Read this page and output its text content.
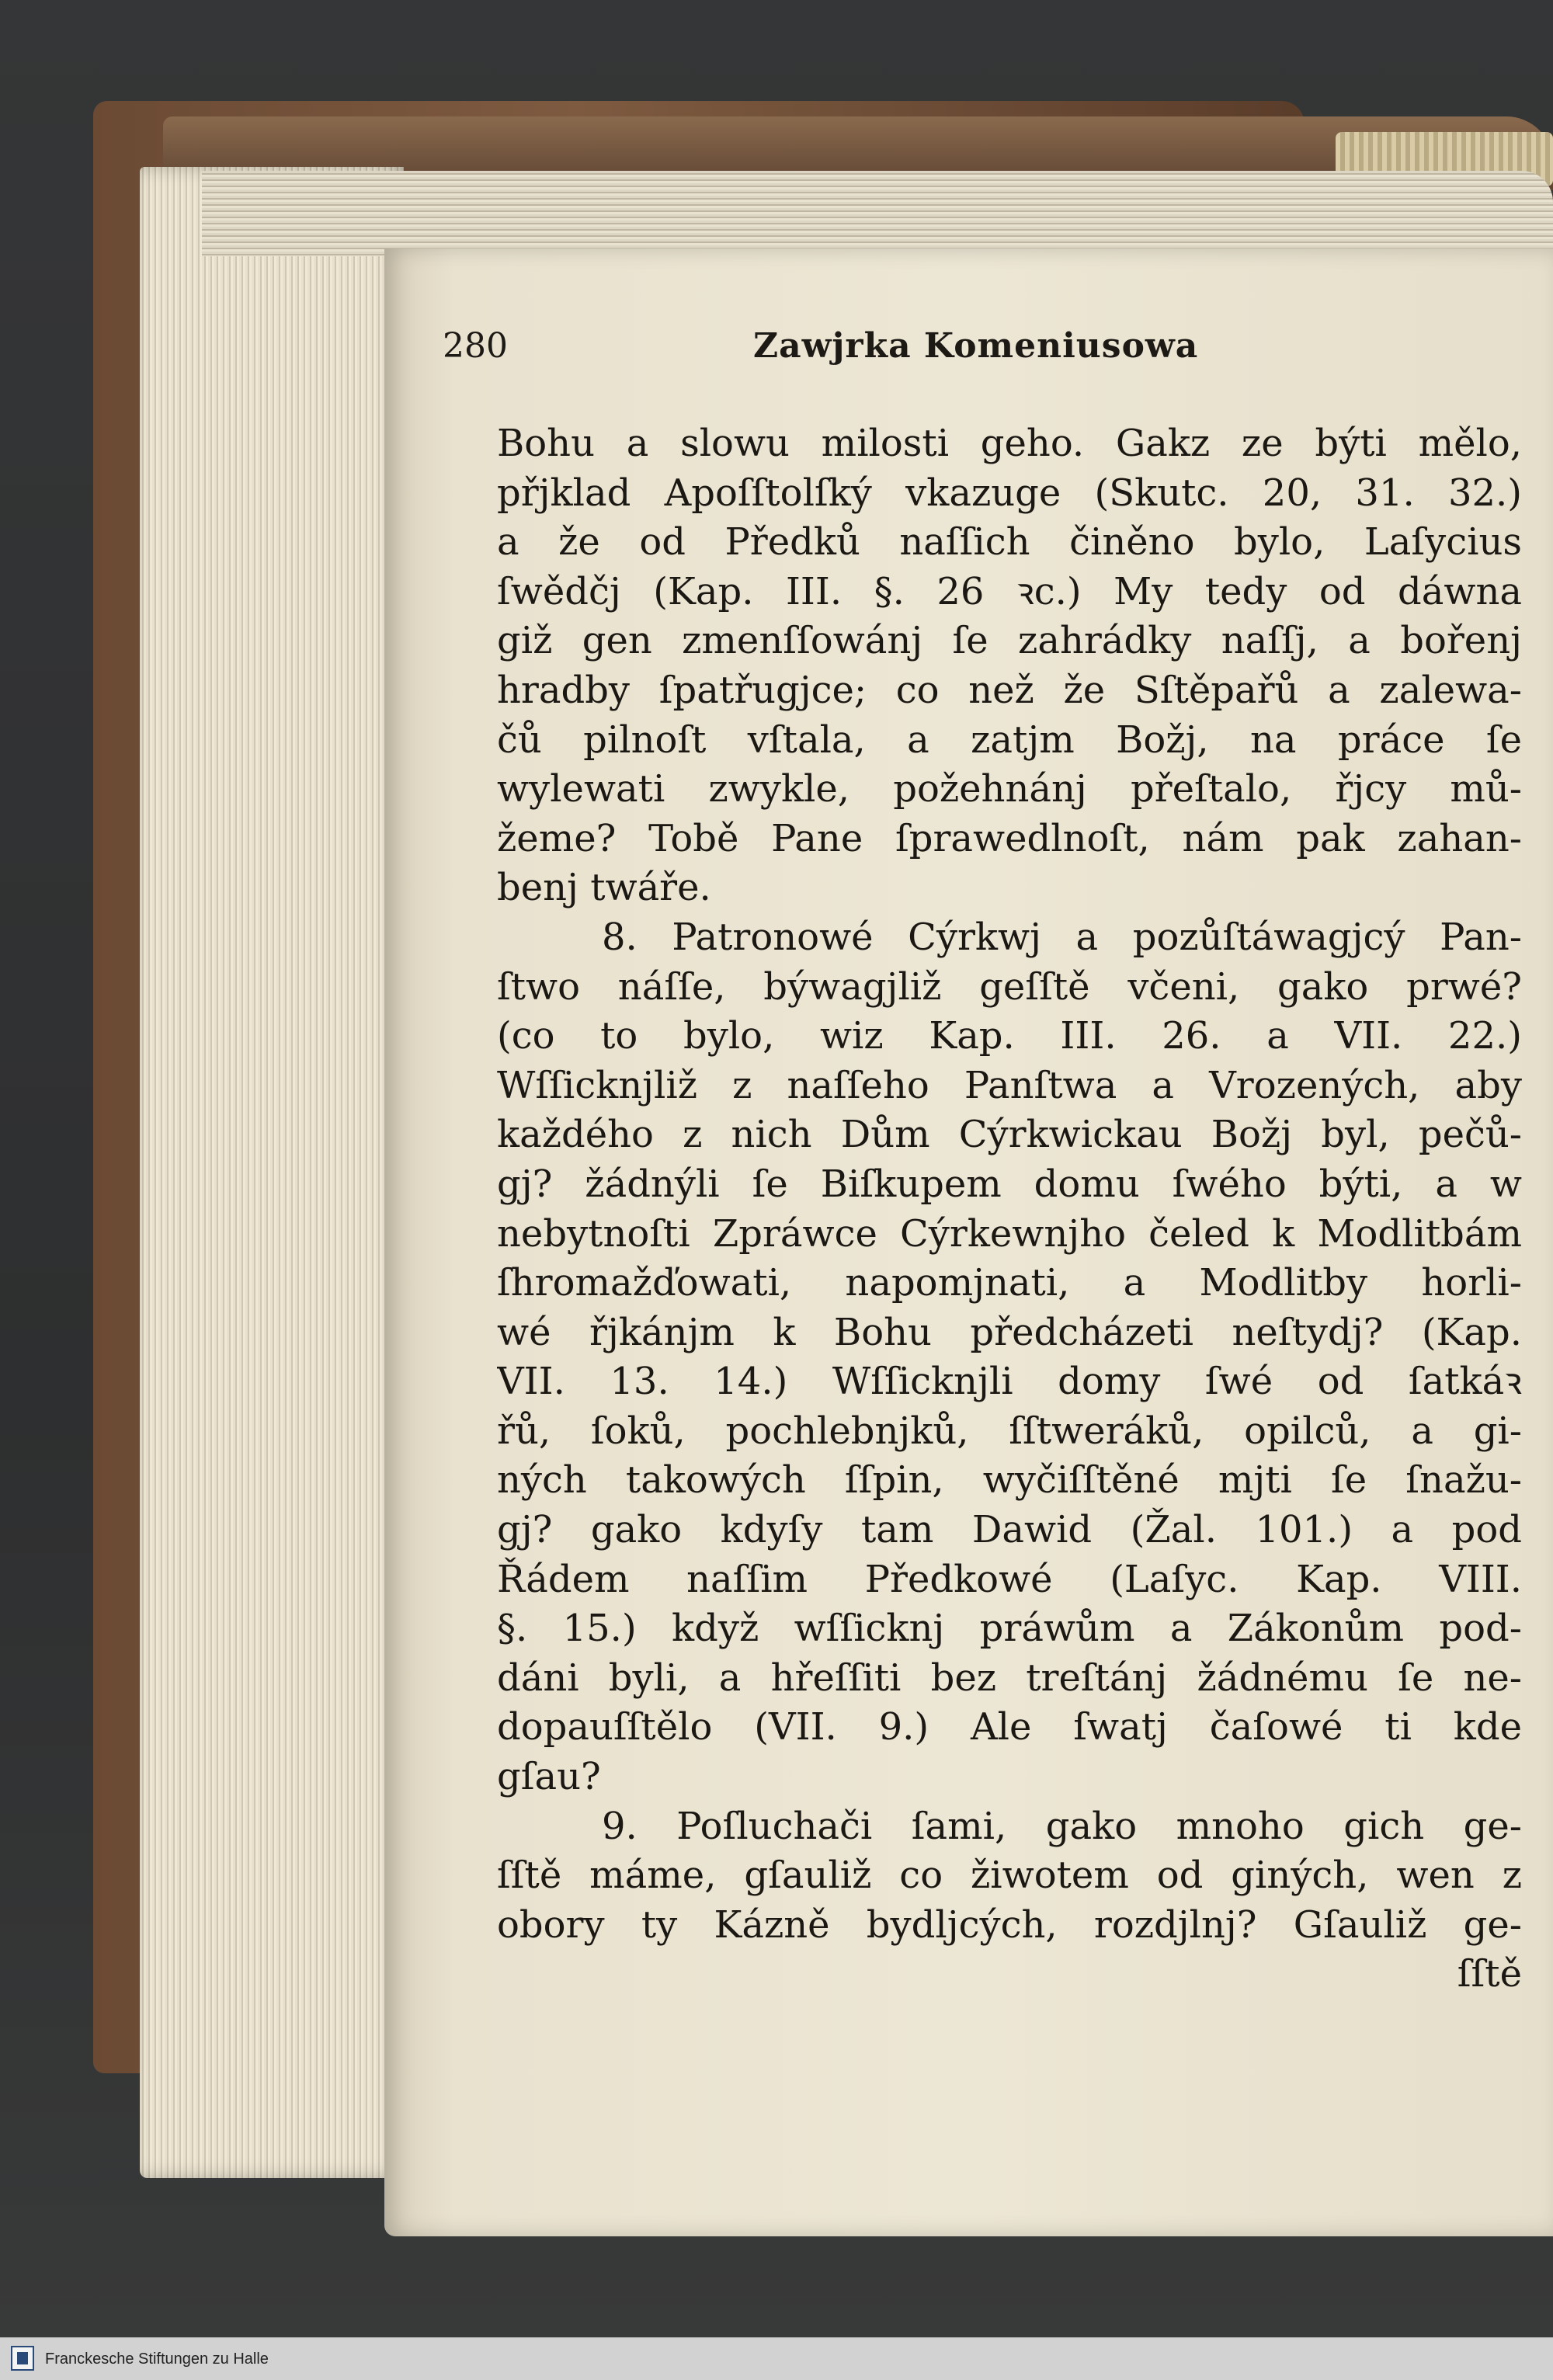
280	Zawjrka Komeniusowa
Bohu a slowu milosti geho. Gakz ze býti mělo,
přjklad Apoſſtolſký vkazuge (Skutc. 20, 31. 32.)
a že od Předků naſſich činěno bylo, Laſycius
ſwědčj (Kap. III. §. 26 ꝛc.) My tedy od dáwna
giž gen zmenſſowánj ſe zahrádky naſſj, a bořenj
hradby ſpatřugjce; co než že Sſtěpařů a zalewa-
čů pilnoſt vſtala, a zatjm Božj, na práce ſe
wylewati zwykle, požehnánj přeſtalo, řjcy mů-
žeme? Tobě Pane ſprawedlnoſt, nám pak zahan-
benj twáře.
8. Patronowé Cýrkwj a pozůſtáwagjcý Pan-
ſtwo náſſe, býwagjliž geſſtě včeni, gako prwé?
(co to bylo, wiz Kap. III. 26. a VII. 22.)
Wſſicknjliž z naſſeho Panſtwa a Vrozených, aby
každého z nich Dům Cýrkwickau Božj byl, pečů-
gj? žádnýli ſe Biſkupem domu ſwého býti, a w
nebytnoſti Zpráwce Cýrkewnjho čeled k Modlitbám
ſhromažďowati, napomjnati, a Modlitby horli-
wé řjkánjm k Bohu předcházeti neſtydj? (Kap.
VII. 13. 14.) Wſſicknjli domy ſwé od ſatkáꝛ
řů, ſoků, pochlebnjků, ſſtweráků, opilců, a gi-
ných takowých ſſpin, wyčiſſtěné mjti ſe ſnažu-
gj? gako kdyſy tam Dawid (Žal. 101.) a pod
Řádem naſſim Předkowé (Laſyc. Kap. VIII.
§. 15.) když wſſicknj práwům a Zákonům pod-
dáni byli, a hřeſſiti bez treſtánj žádnému ſe ne-
dopauſſtělo (VII. 9.) Ale ſwatj čaſowé ti kde
gſau?
9. Poſluchači ſami, gako mnoho gich ge-
ſſtě máme, gſauliž co žiwotem od giných, wen z
obory ty Kázně bydljcých, rozdjlnj? Gſauliž ge-
ſſtě
Franckesche Stiftungen zu Halle
